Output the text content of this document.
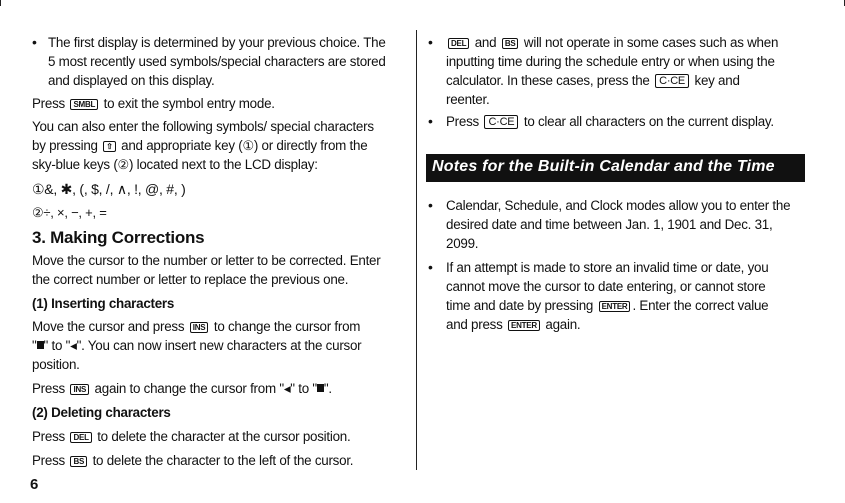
• The first display is determined by your previous choice. The
5 most recently used symbols/special characters are stored
and displayed on this display.
Press SMBL to exit the symbol entry mode.
You can also enter the following symbols/ special characters
by pressing ⇧ and appropriate key (①) or directly from the
sky-blue keys (②) located next to the LCD display:
①&, ✱, (, $, /, ∧, !, @, #, )
②÷, ×, −, +, =
3. Making Corrections
Move the cursor to the number or letter to be corrected. Enter
the correct number or letter to replace the previous one.
(1) Inserting characters
Move the cursor and press INS to change the cursor from
" " to "◂". You can now insert new characters at the cursor
position.
Press INS again to change the cursor from "◂" to " ".
(2) Deleting characters
Press DEL to delete the character at the cursor position.
Press BS to delete the character to the left of the cursor.
6
•	DEL and BS will not operate in some cases such as when
inputting time during the schedule entry or when using the
calculator. In these cases, press the C·CE key and
reenter.
• Press C·CE to clear all characters on the current display.
Notes for the Built-in Calendar and the Time
• Calendar, Schedule, and Clock modes allow you to enter the
desired date and time between Jan. 1, 1901 and Dec. 31,
2099.
• If an attempt is made to store an invalid time or date, you
cannot move the cursor to date entering, or cannot store
time and date by pressing ENTER . Enter the correct value
and press ENTER again.
